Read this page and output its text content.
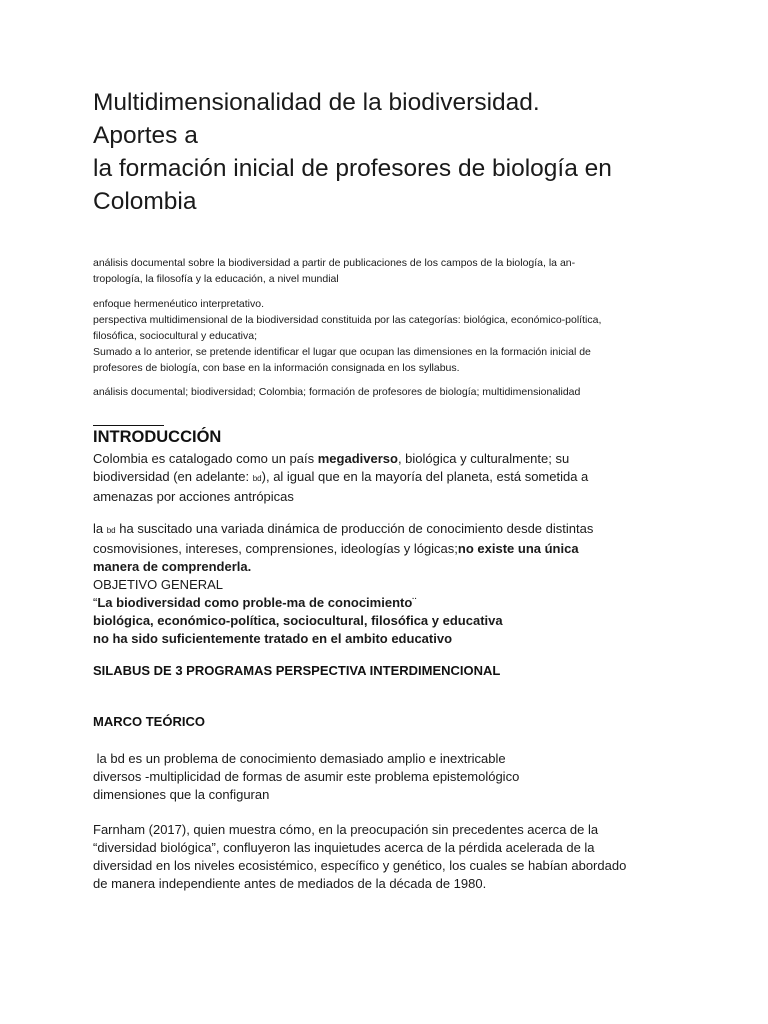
Multidimensionalidad de la biodiversidad.
Aportes a
la formación inicial de profesores de biología en
Colombia
análisis documental sobre la biodiversidad a partir de publicaciones de los campos de la biología, la an-
tropología, la filosofía y la educación, a nivel mundial
enfoque hermenéutico interpretativo.
perspectiva multidimensional de la biodiversidad constituida por las categorías: biológica, económico-política,
filosófica, sociocultural y educativa;
Sumado a lo anterior, se pretende identificar el lugar que ocupan las dimensiones en la formación inicial de
profesores de biología, con base en la información consignada en los syllabus.
análisis documental; biodiversidad; Colombia; formación de profesores de biología; multidimensionalidad
INTRODUCCIÓN
Colombia es catalogado como un país megadiverso, biológica y culturalmente; su
biodiversidad (en adelante: bd), al igual que en la mayoría del planeta, está sometida a
amenazas por acciones antrópicas
la bd ha suscitado una variada dinámica de producción de conocimiento desde distintas
cosmovisiones, intereses, comprensiones, ideologías y lógicas;no existe una única
manera de comprenderla.
OBJETIVO GENERAL
“La biodiversidad como proble-ma de conocimiento¨
biológica, económico-política, sociocultural, filosófica y educativa
no ha sido suficientemente tratado en el ambito educativo
SILABUS DE 3 PROGRAMAS PERSPECTIVA INTERDIMENCIONAL
MARCO TEÓRICO
la bd es un problema de conocimiento demasiado amplio e inextricable
diversos -multiplicidad de formas de asumir este problema epistemológico
dimensiones que la configuran
Farnham (2017), quien muestra cómo, en la preocupación sin precedentes acerca de la
“diversidad biológica”, confluyeron las inquietudes acerca de la pérdida acelerada de la
diversidad en los niveles ecosistémico, específico y genético, los cuales se habían abordado
de manera independiente antes de mediados de la década de 1980.
